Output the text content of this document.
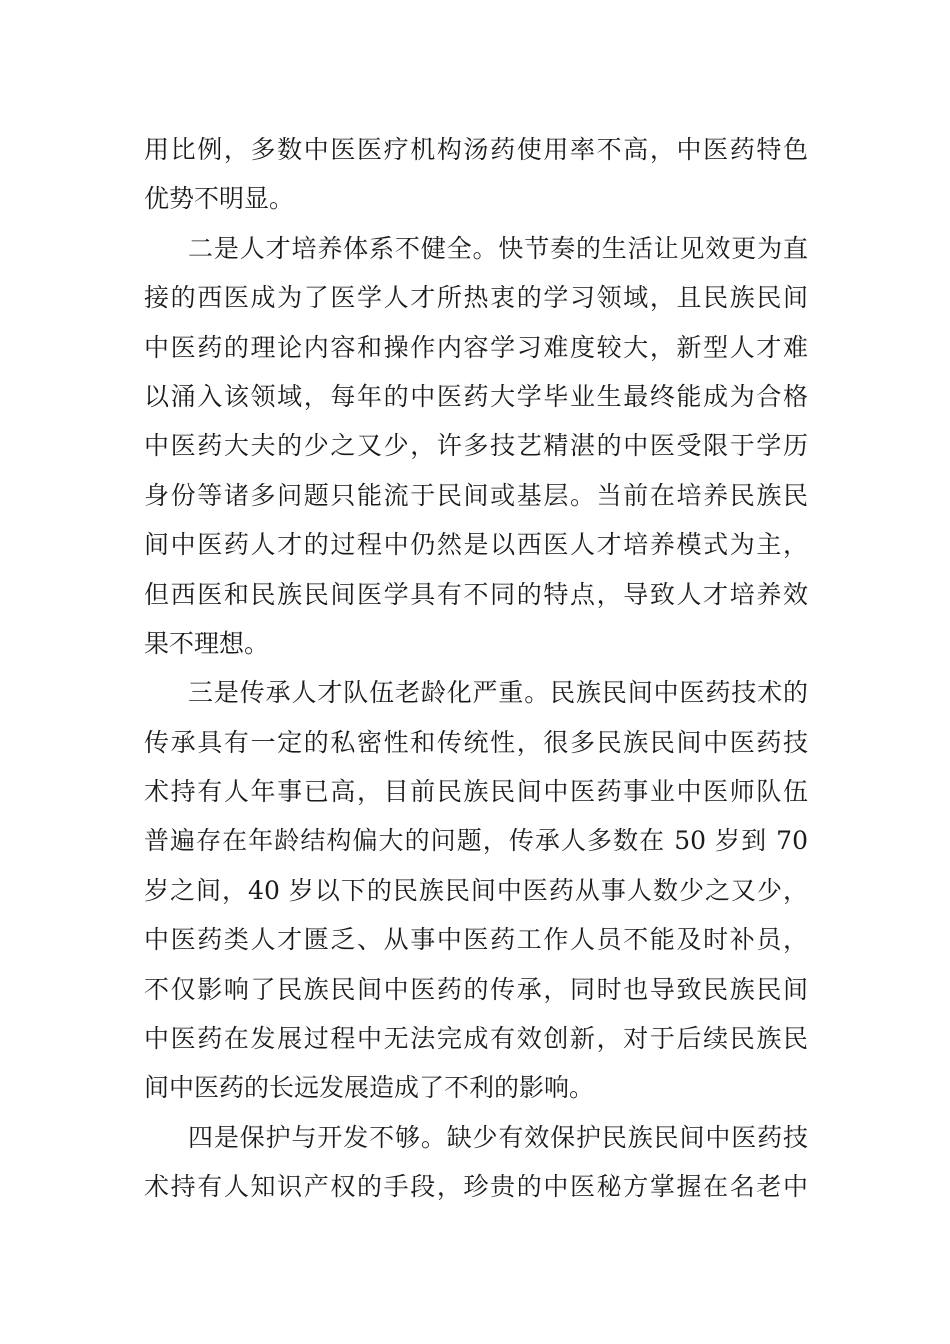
用比例，多数中医医疗机构汤药使用率不高，中医药特色
优势不明显。
二是人才培养体系不健全。快节奏的生活让见效更为直
接的西医成为了医学人才所热衷的学习领域，且民族民间
中医药的理论内容和操作内容学习难度较大，新型人才难
以涌入该领域，每年的中医药大学毕业生最终能成为合格
中医药大夫的少之又少，许多技艺精湛的中医受限于学历
身份等诸多问题只能流于民间或基层。当前在培养民族民
间中医药人才的过程中仍然是以西医人才培养模式为主，
但西医和民族民间医学具有不同的特点，导致人才培养效
果不理想。
三是传承人才队伍老龄化严重。民族民间中医药技术的
传承具有一定的私密性和传统性，很多民族民间中医药技
术持有人年事已高，目前民族民间中医药事业中医师队伍
普遍存在年龄结构偏大的问题，传承人多数在 50 岁到 70
岁之间，40 岁以下的民族民间中医药从事人数少之又少，
中医药类人才匮乏、从事中医药工作人员不能及时补员，
不仅影响了民族民间中医药的传承，同时也导致民族民间
中医药在发展过程中无法完成有效创新，对于后续民族民
间中医药的长远发展造成了不利的影响。
四是保护与开发不够。缺少有效保护民族民间中医药技
术持有人知识产权的手段，珍贵的中医秘方掌握在名老中
